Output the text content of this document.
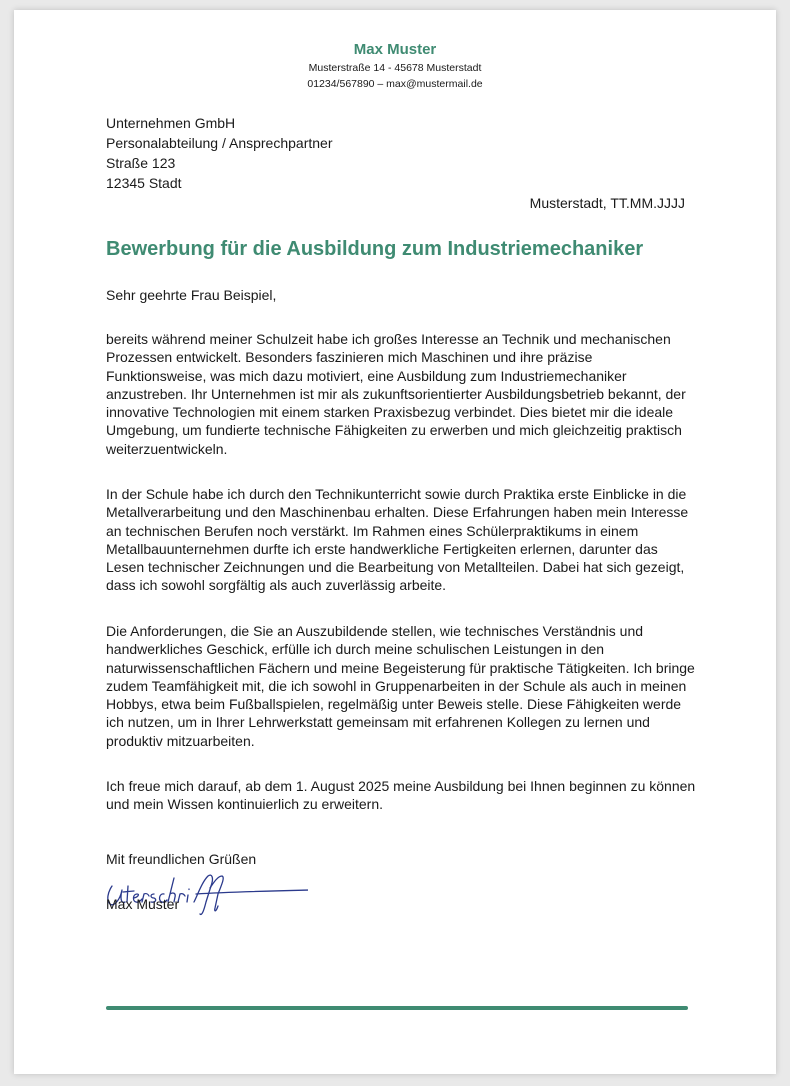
Max Muster
Musterstraße 14 - 45678 Musterstadt
01234/567890 – max@mustermail.de
Unternehmen GmbH
Personalabteilung / Ansprechpartner
Straße 123
12345 Stadt
Musterstadt, TT.MM.JJJJ
Bewerbung für die Ausbildung zum Industriemechaniker
Sehr geehrte Frau Beispiel,
bereits während meiner Schulzeit habe ich großes Interesse an Technik und mechanischen Prozessen entwickelt. Besonders faszinieren mich Maschinen und ihre präzise Funktionsweise, was mich dazu motiviert, eine Ausbildung zum Industriemechaniker anzustreben. Ihr Unternehmen ist mir als zukunftsorientierter Ausbildungsbetrieb bekannt, der innovative Technologien mit einem starken Praxisbezug verbindet. Dies bietet mir die ideale Umgebung, um fundierte technische Fähigkeiten zu erwerben und mich gleichzeitig praktisch weiterzuentwickeln.
In der Schule habe ich durch den Technikunterricht sowie durch Praktika erste Einblicke in die Metallverarbeitung und den Maschinenbau erhalten. Diese Erfahrungen haben mein Interesse an technischen Berufen noch verstärkt. Im Rahmen eines Schülerpraktikums in einem Metallbauunternehmen durfte ich erste handwerkliche Fertigkeiten erlernen, darunter das Lesen technischer Zeichnungen und die Bearbeitung von Metallteilen. Dabei hat sich gezeigt, dass ich sowohl sorgfältig als auch zuverlässig arbeite.
Die Anforderungen, die Sie an Auszubildende stellen, wie technisches Verständnis und handwerkliches Geschick, erfülle ich durch meine schulischen Leistungen in den naturwissenschaftlichen Fächern und meine Begeisterung für praktische Tätigkeiten. Ich bringe zudem Teamfähigkeit mit, die ich sowohl in Gruppenarbeiten in der Schule als auch in meinen Hobbys, etwa beim Fußballspielen, regelmäßig unter Beweis stelle. Diese Fähigkeiten werde ich nutzen, um in Ihrer Lehrwerkstatt gemeinsam mit erfahrenen Kollegen zu lernen und produktiv mitzuarbeiten.
Ich freue mich darauf, ab dem 1. August 2025 meine Ausbildung bei Ihnen beginnen zu können und mein Wissen kontinuierlich zu erweitern.
Mit freundlichen Grüßen
Max Muster
